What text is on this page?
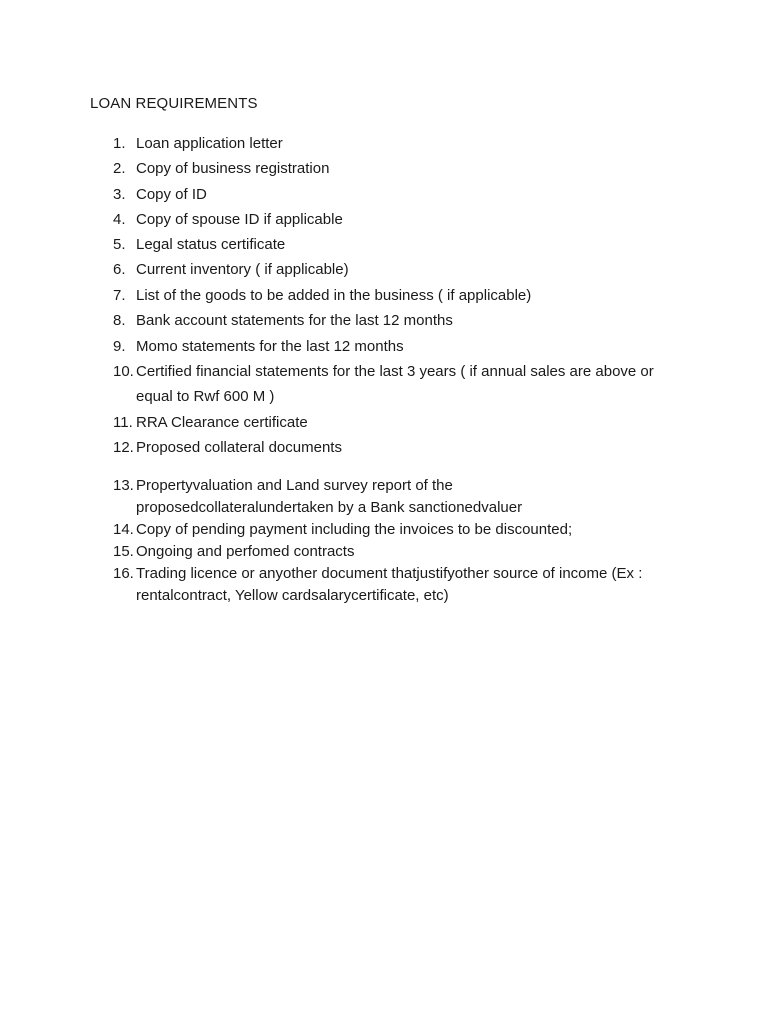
LOAN REQUIREMENTS
1. Loan application letter
2. Copy of business registration
3. Copy of ID
4. Copy of spouse ID if applicable
5. Legal status certificate
6. Current inventory ( if applicable)
7. List of the goods to be added in the business ( if applicable)
8. Bank account statements for the last 12 months
9. Momo statements for the last 12 months
10. Certified financial statements for the last 3 years ( if annual sales are above or equal to Rwf 600 M )
11. RRA Clearance certificate
12. Proposed collateral documents
13. Propertyvaluation and Land survey report of the proposedcollateralundertaken by a Bank sanctionedvaluer
14. Copy of pending payment including the invoices to be discounted;
15. Ongoing and perfomed contracts
16. Trading licence or anyother document thatjustifyother source of income (Ex : rentalcontract, Yellow cardsalarycertificate, etc)
